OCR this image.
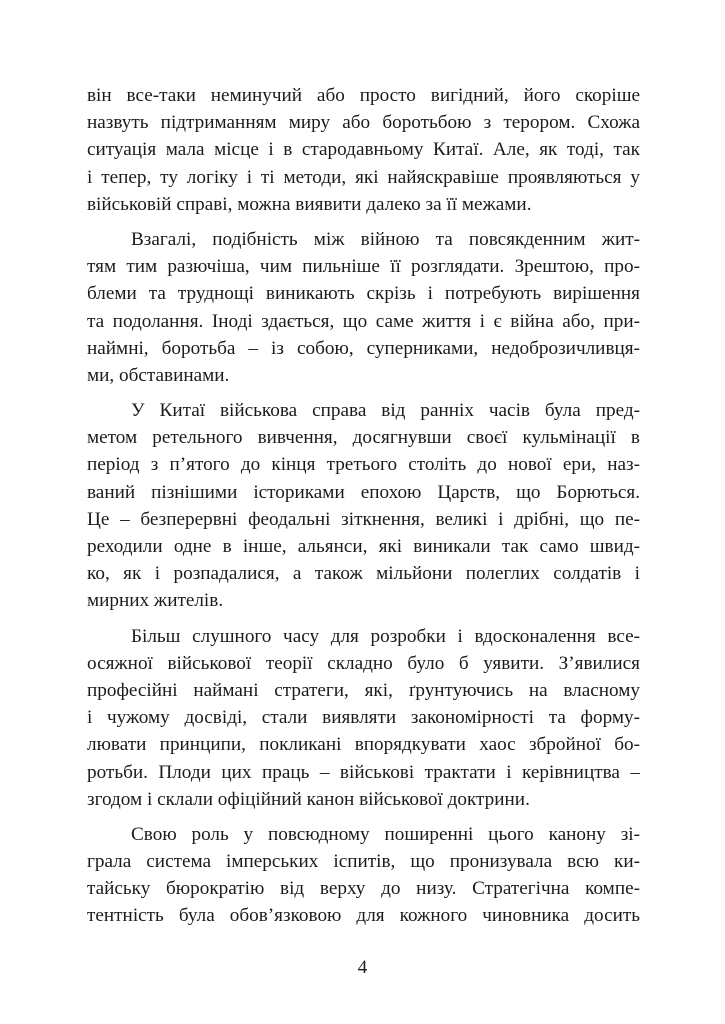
він все-таки неминучий або просто вигідний, його скоріше
назвуть підтриманням миру або боротьбою з терором. Схожа
ситуація мала місце і в стародавньому Китаї. Але, як тоді, так
і тепер, ту логіку і ті методи, які найяскравіше проявляються у
військовій справі, можна виявити далеко за її межами.
Взагалі, подібність між війною та повсякденним жит-
тям тим разючіша, чим пильніше її розглядати. Зрештою, про-
блеми та труднощі виникають скрізь і потребують вирішення
та подолання. Іноді здається, що саме життя і є війна або, при-
наймні, боротьба – із собою, суперниками, недоброзичливця-
ми, обставинами.
У Китаї військова справа від ранніх часів була пред-
метом ретельного вивчення, досягнувши своєї кульмінації в
період з п’ятого до кінця третього століть до нової ери, наз-
ваний пізнішими істориками епохою Царств, що Борються.
Це – безперервні феодальні зіткнення, великі і дрібні, що пе-
реходили одне в інше, альянси, які виникали так само швид-
ко, як і розпадалися, а також мільйони полеглих солдатів і
мирних жителів.
Більш слушного часу для розробки і вдосконалення все-
осяжної військової теорії складно було б уявити. З’явилися
професійні наймані стратеги, які, ґрунтуючись на власному
і чужому досвіді, стали виявляти закономірності та форму-
лювати принципи, покликані впорядкувати хаос збройної бо-
ротьби. Плоди цих праць – військові трактати і керівництва –
згодом і склали офіційний канон військової доктрини.
Свою роль у повсюдному поширенні цього канону зі-
грала система імперських іспитів, що пронизувала всю ки-
тайську бюрократію від верху до низу. Стратегічна компе-
тентність була обов’язковою для кожного чиновника досить
4
